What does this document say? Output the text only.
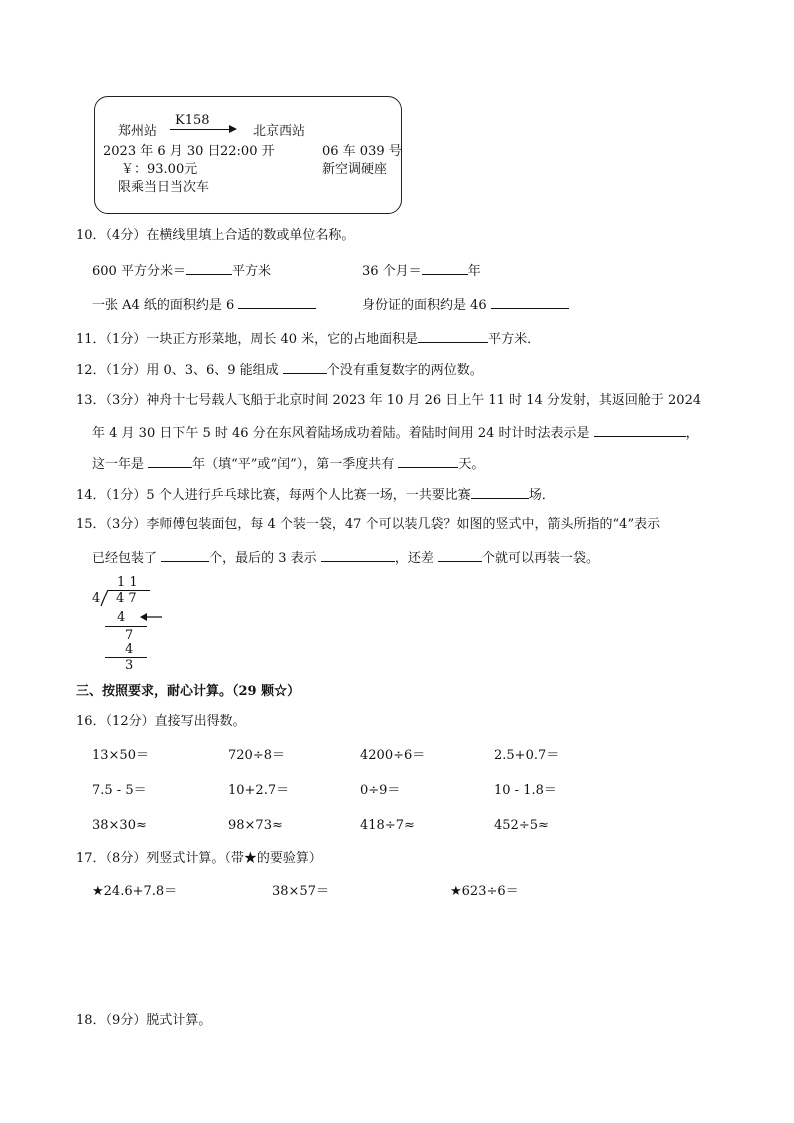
K158
郑州站	北京西站
2023 年 6 月 30 日 22:00 开	06 车 039 号
￥：93.00元	新空调硬座
限乘当日当次车
10．（4分）在横线里填上合适的数或单位名称。
600 平方分米＝	平方米	36 个月＝	年
一张 A4 纸的面积约是 6	身份证的面积约是 46
11．（1分）一块正方形菜地，周长 40 米，它的占地面积是	平方米．
12．（1分）用 0、3、6、9 能组成	个没有重复数字的两位数。
13．（3分）神舟十七号载人飞船于北京时间 2023 年 10 月 26 日上午 11 时 14 分发射，其返回舱于 2024
年 4 月 30 日下午 5 时 46 分在东风着陆场成功着陆。着陆时间用 24 时计时法表示是	，
这一年是	年（填“平”或“闰”），第一季度共有	天。
14．（1分）5 个人进行乒乓球比赛，每两个人比赛一场，一共要比赛	场．
15．（3分）李师傅包装面包，每 4 个装一袋，47 个可以装几袋？如图的竖式中，箭头所指的“4”表示
已经包装了	个，最后的 3 表示	，还差	个就可以再装一袋。
1 1
4 4 7
4
7
4
3
三、按照要求，耐心计算。（29 颗☆）
16．（12分）直接写出得数。
13×50＝	720÷8＝	4200÷6＝	2.5+0.7＝
7.5 - 5＝	10+2.7＝	0÷9＝	10 - 1.8＝
38×30≈	98×73≈	418÷7≈	452÷5≈
17．（8分）列竖式计算。（带★的要验算）
★24.6+7.8＝	38×57＝	★623÷6＝
18．（9分）脱式计算。
